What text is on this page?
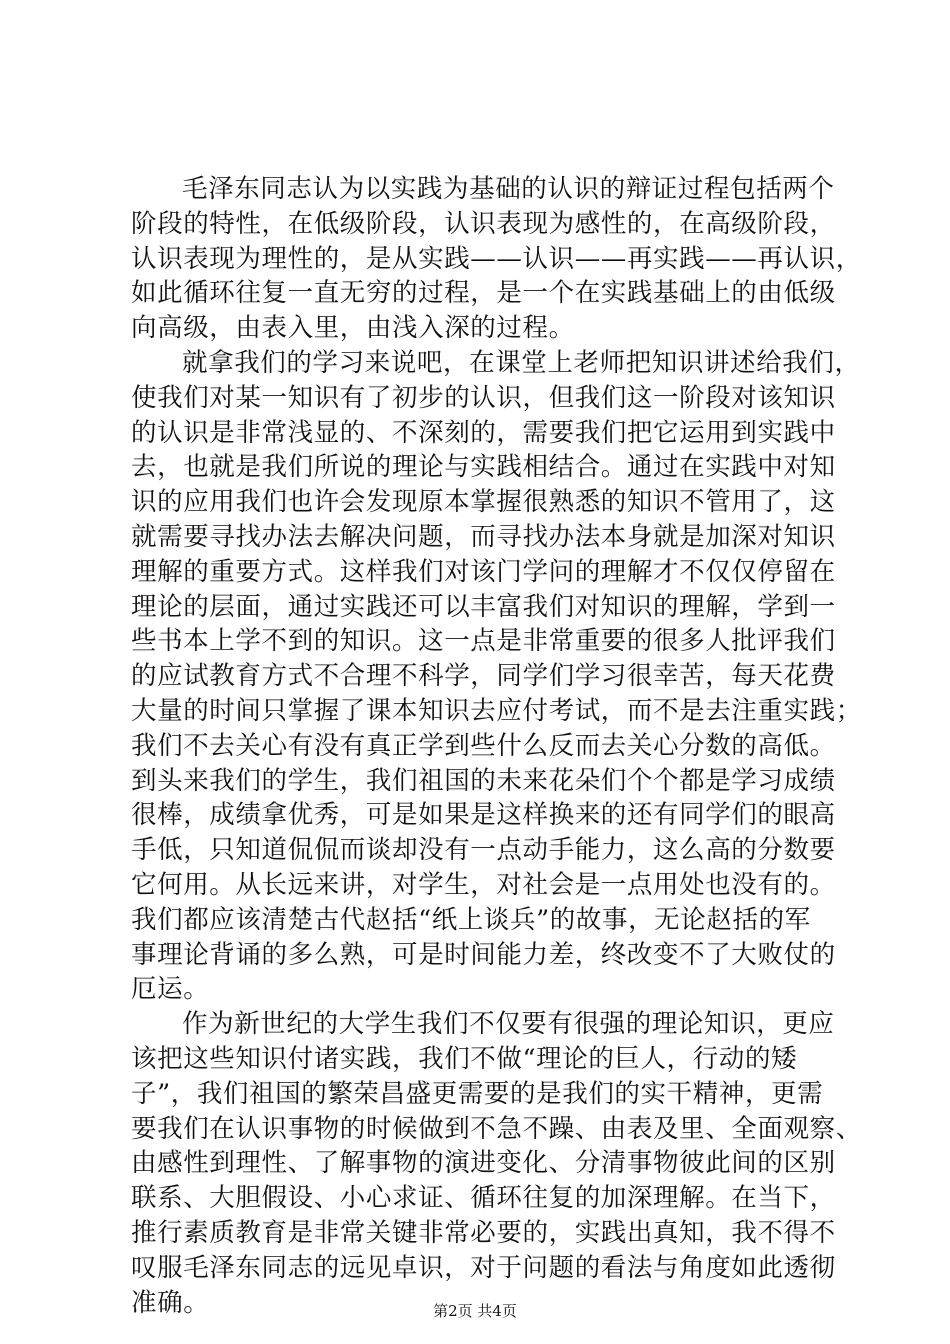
毛泽东同志认为以实践为基础的认识的辩证过程包括两个
阶段的特性，在低级阶段，认识表现为感性的，在高级阶段，
认识表现为理性的，是从实践——认识——再实践——再认识，
如此循环往复一直无穷的过程，是一个在实践基础上的由低级
向高级，由表入里，由浅入深的过程。
就拿我们的学习来说吧，在课堂上老师把知识讲述给我们，
使我们对某一知识有了初步的认识，但我们这一阶段对该知识
的认识是非常浅显的、不深刻的，需要我们把它运用到实践中
去，也就是我们所说的理论与实践相结合。通过在实践中对知
识的应用我们也许会发现原本掌握很熟悉的知识不管用了，这
就需要寻找办法去解决问题，而寻找办法本身就是加深对知识
理解的重要方式。这样我们对该门学问的理解才不仅仅停留在
理论的层面，通过实践还可以丰富我们对知识的理解，学到一
些书本上学不到的知识。这一点是非常重要的很多人批评我们
的应试教育方式不合理不科学，同学们学习很幸苦，每天花费
大量的时间只掌握了课本知识去应付考试，而不是去注重实践；
我们不去关心有没有真正学到些什么反而去关心分数的高低。
到头来我们的学生，我们祖国的未来花朵们个个都是学习成绩
很棒，成绩拿优秀，可是如果是这样换来的还有同学们的眼高
手低，只知道侃侃而谈却没有一点动手能力，这么高的分数要
它何用。从长远来讲，对学生，对社会是一点用处也没有的。
我们都应该清楚古代赵括“纸上谈兵”的故事，无论赵括的军
事理论背诵的多么熟，可是时间能力差，终改变不了大败仗的
厄运。
作为新世纪的大学生我们不仅要有很强的理论知识，更应
该把这些知识付诸实践，我们不做“理论的巨人，行动的矮
子”，我们祖国的繁荣昌盛更需要的是我们的实干精神，更需
要我们在认识事物的时候做到不急不躁、由表及里、全面观察、
由感性到理性、了解事物的演进变化、分清事物彼此间的区别
联系、大胆假设、小心求证、循环往复的加深理解。在当下，
推行素质教育是非常关键非常必要的，实践出真知，我不得不
叹服毛泽东同志的远见卓识，对于问题的看法与角度如此透彻
准确。	第2页 共4页
